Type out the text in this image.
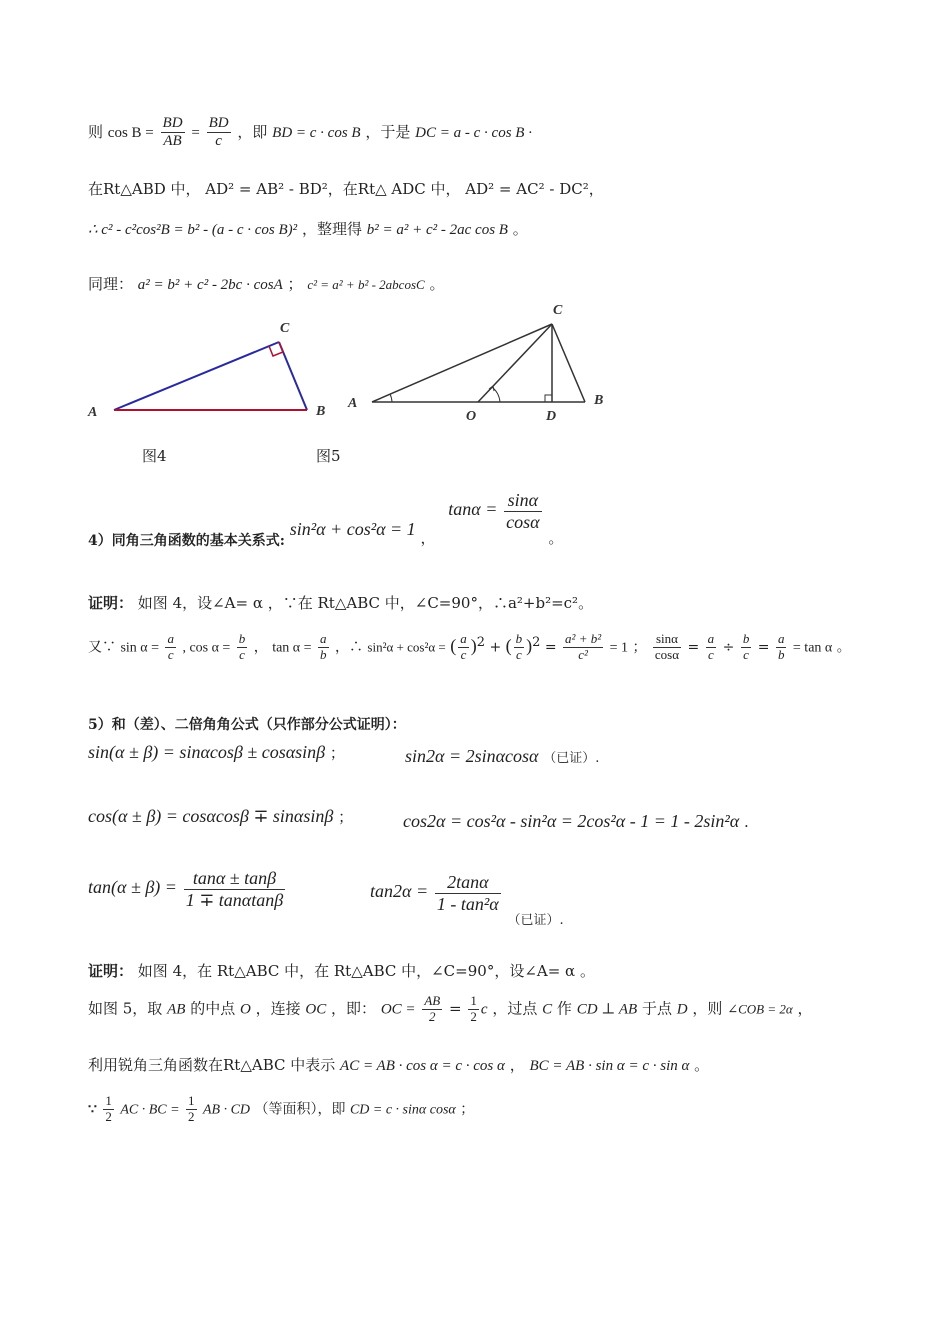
则 $\cos B = \frac{BD}{AB} = \frac{BD}{c}$ ，即 BD = c · cos B ，于是 DC = a - c · cos B ·
在Rt△ABD 中， AD² = AB² - BD²，在Rt△ ADC 中， AD² = AC² - DC²，
∴ c² - c²cos²B = b² - (a - c · cos B)² ，整理得 b² = a² + c² - 2ac cos B 。
同理： a² = b² + c² - 2bc · cosA ； c² = a² + b² - 2abcosC 。
A
C
B
A
C
B
O	D
图4	图5
4）同角三角函数的基本关系式: sin²α + cos²α = 1 ， $\tan\alpha = \frac{\sin\alpha}{\cos\alpha}$
。
证明： 如图 4，设∠A= α ，∵在 Rt△ABC 中，∠C=90°，∴a²+b²=c²。
又∵ $\sin \alpha = \frac{a}{c}$ , $\cos \alpha = \frac{b}{c}$ ， $\tan \alpha = \frac{a}{b}$ ，∴ sin²α + cos²α = ( $\frac{a}{c} )^2$ + ( $\frac{b}{c} )^2 = \frac{\text{a² + b²}}{\text{c²}} = 1$ ； $\frac{\sin\alpha}{\cos\alpha} = \frac{a}{c} \div \frac{b}{c} = \frac{a}{b} = \tan \alpha$ 。
5）和（差）、二倍角角公式（只作部分公式证明）：
sin(α ± β) = sinαcosβ ± cosαsinβ ；	sin2α = 2sinαcosα （已证）.
cos(α ± β) = cosαcosβ ∓ sinαsinβ ；	cos2α = cos²α - sin²α = 2cos²α - 1 = 1 - 2sin²α .
$\tan(\alpha \pm \beta) = \frac{\tan\alpha \pm \tan\beta}{1 \mp \tan\alpha\tan\beta}$	$\tan 2\alpha = \frac{2\tan\alpha}{\text{1 - tan²α}}$
（已证）.
证明： 如图 4，在 Rt△ABC 中，在 Rt△ABC 中，∠C=90°，设∠A= α 。
如图 5，取 AB 的中点 O ，连接 OC ，即： OC = $\frac{AB}{2} = \frac{1}{2}$ c ，过点 C 作 CD ⊥ AB 于点 D ，则 ∠COB = 2α ，
利用锐角三角函数在Rt△ABC 中表示 AC = AB · cos α = c · cos α ， BC = AB · sin α = c · sin α 。
∵ $\frac{1}{2}$ AC · BC = $\frac{1}{2}$ AB · CD （等面积），即 CD = c · sinα cosα ；
